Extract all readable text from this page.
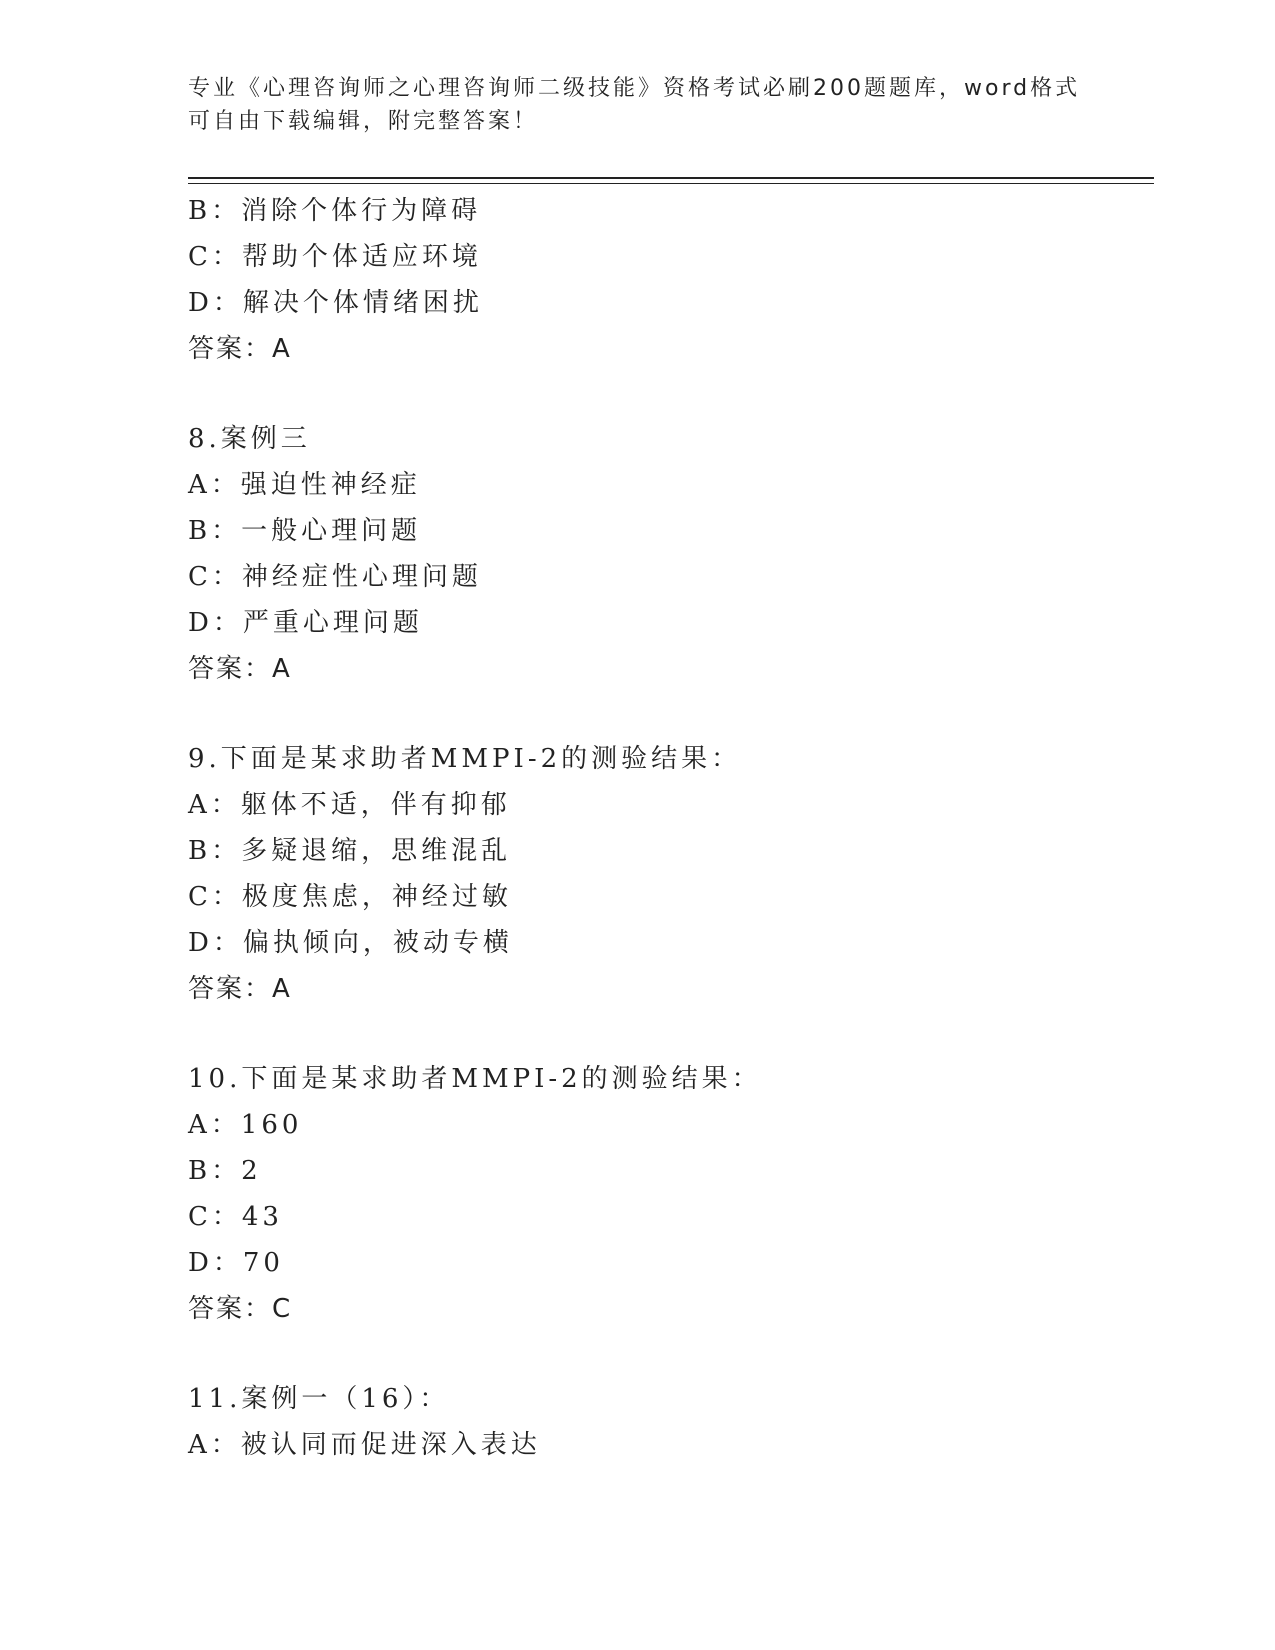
专业《心理咨询师之心理咨询师二级技能》资格考试必刷200题题库，word格式
可自由下载编辑，附完整答案！
B：消除个体行为障碍
C：帮助个体适应环境
D：解决个体情绪困扰
答案：A
8.案例三
A：强迫性神经症
B：一般心理问题
C：神经症性心理问题
D：严重心理问题
答案：A
9.下面是某求助者MMPI-2的测验结果：
A：躯体不适，伴有抑郁
B：多疑退缩，思维混乱
C：极度焦虑，神经过敏
D：偏执倾向，被动专横
答案：A
10.下面是某求助者MMPI-2的测验结果：
A：160
B：2
C：43
D：70
答案：C
11.案例一（16）：
A：被认同而促进深入表达
